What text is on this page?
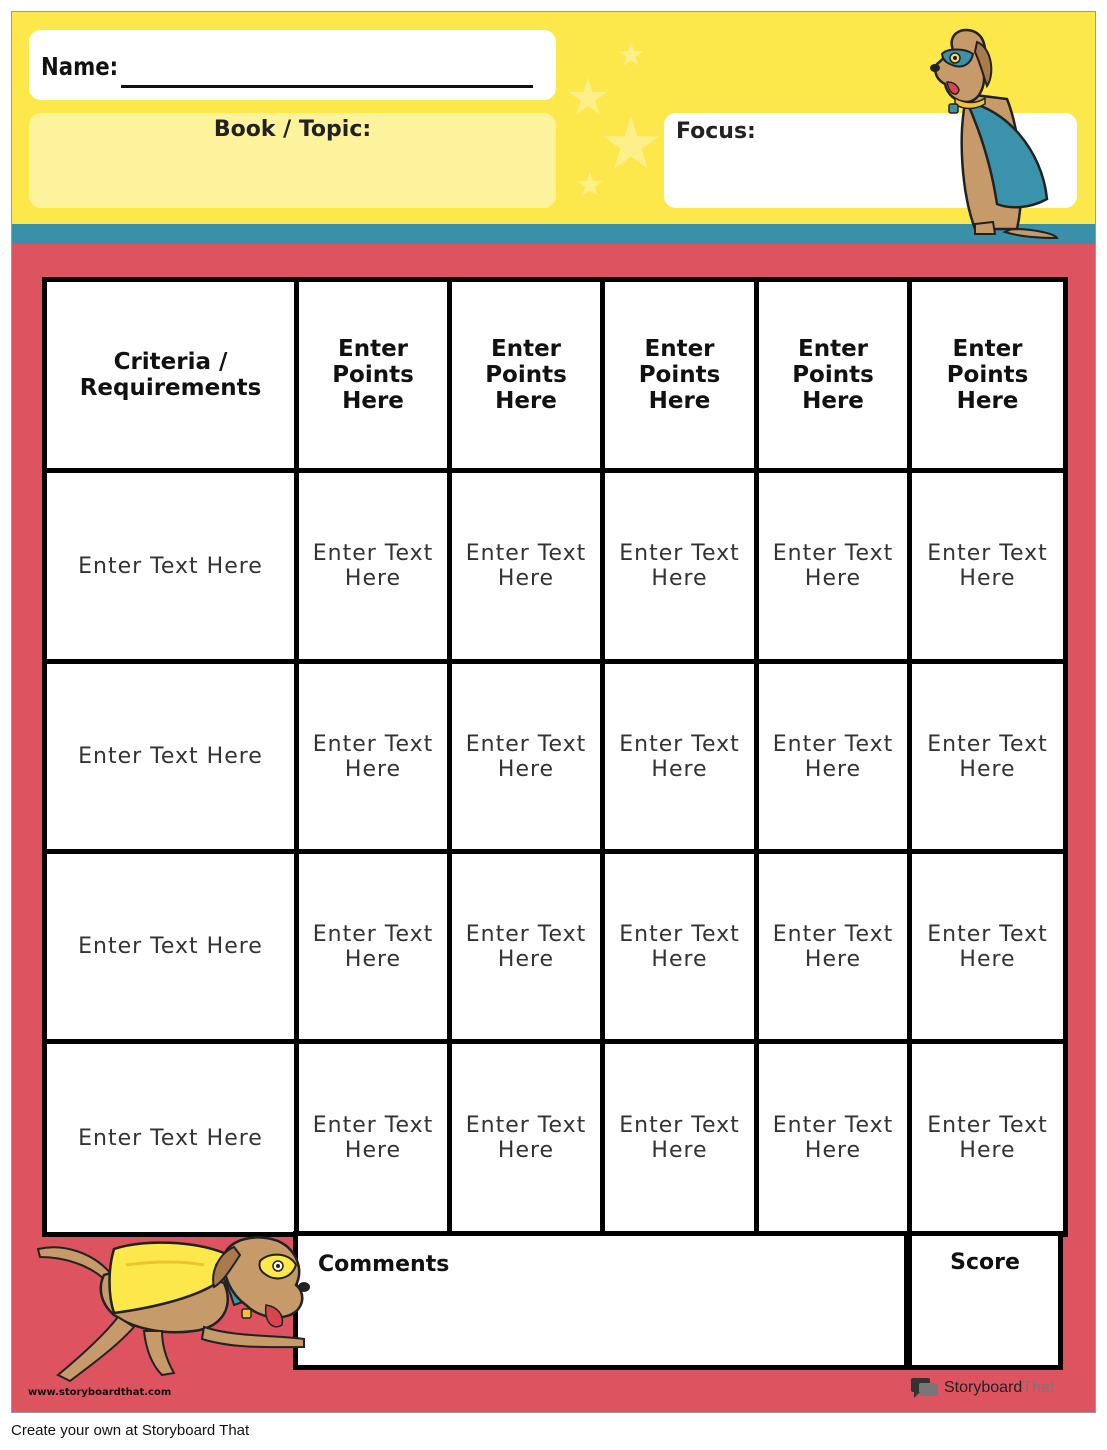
Name:
Book / Topic:	Focus:
Criteria / Requirements	Enter Points Here	Enter Points Here	Enter Points Here	Enter Points Here	Enter Points Here
Enter Text Here	Enter Text Here	Enter Text Here	Enter Text Here	Enter Text Here	Enter Text Here
Enter Text Here	Enter Text Here	Enter Text Here	Enter Text Here	Enter Text Here	Enter Text Here
Enter Text Here	Enter Text Here	Enter Text Here	Enter Text Here	Enter Text Here	Enter Text Here
Enter Text Here	Enter Text Here	Enter Text Here	Enter Text Here	Enter Text Here	Enter Text Here
Comments	Score
www.storyboardthat.com	Storyboard That
Create your own at Storyboard That
